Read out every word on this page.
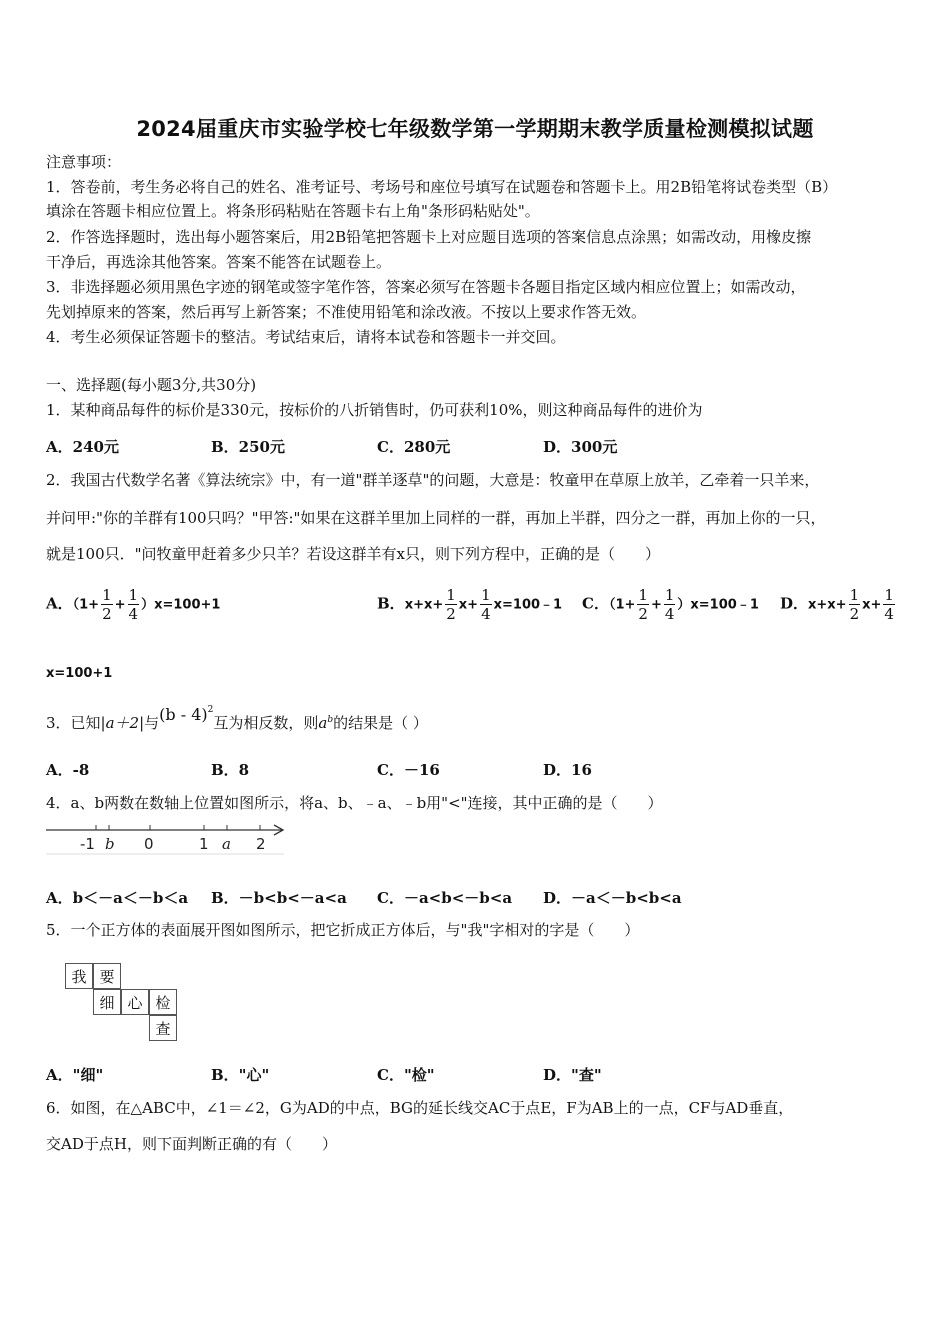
2024届重庆市实验学校七年级数学第一学期期末教学质量检测模拟试题
注意事项：
1．答卷前，考生务必将自己的姓名、准考证号、考场号和座位号填写在试题卷和答题卡上。用2B铅笔将试卷类型（B）
填涂在答题卡相应位置上。将条形码粘贴在答题卡右上角"条形码粘贴处"。
2．作答选择题时，选出每小题答案后，用2B铅笔把答题卡上对应题目选项的答案信息点涂黑；如需改动，用橡皮擦
干净后，再选涂其他答案。答案不能答在试题卷上。
3．非选择题必须用黑色字迹的钢笔或签字笔作答，答案必须写在答题卡各题目指定区域内相应位置上；如需改动，
先划掉原来的答案，然后再写上新答案；不准使用铅笔和涂改液。不按以上要求作答无效。
4．考生必须保证答题卡的整洁。考试结束后，请将本试卷和答题卡一并交回。
一、选择题(每小题3分,共30分)
1．某种商品每件的标价是330元，按标价的八折销售时，仍可获利10%，则这种商品每件的进价为
A．240元	B．250元	C．280元	D．300元
2．我国古代数学名著《算法统宗》中，有一道"群羊逐草"的问题，大意是：牧童甲在草原上放羊，乙牵着一只羊来，
并问甲:"你的羊群有100只吗？"甲答:"如果在这群羊里加上同样的一群，再加上半群，四分之一群，再加上你的一只，
就是100只．"问牧童甲赶着多少只羊？若设这群羊有x只，则下列方程中，正确的是（　　）
A．$(1+ \frac{1}{2} + \frac{1}{4} )x=100+1$	B．$x+x+ \frac{1}{2} x+ \frac{1}{4}$ x=100﹣1 C．（$1+ \frac{1}{2} + \frac{1}{4}$ ）x=100﹣1 D．$x+x+ \frac{1}{2} x+ \frac{1}{4}$
x=100+1
3．已知|a＋2|与(b - 4)$^2$互为相反数，则$a^b$的结果是（ ）
A．-8	B．8	C．－16	D．16
4．a、b两数在数轴上位置如图所示，将a、b、﹣a、﹣b用"<"连接，其中正确的是（　　）
-1 b 0	1 a 2
A．b＜－a＜－b＜a B．－b<b<－a<a C．－a<b<－b<a D．－a＜－b<b<a
5．一个正方体的表面展开图如图所示，把它折成正方体后，与"我"字相对的字是（　　）
我 要
细 心 检
查
A．"细"	B．"心"	C．"检"	D．"查"
6．如图，在△ABC中，∠1＝∠2，G为AD的中点，BG的延长线交AC于点E，F为AB上的一点，CF与AD垂直，
交AD于点H，则下面判断正确的有（　　）
